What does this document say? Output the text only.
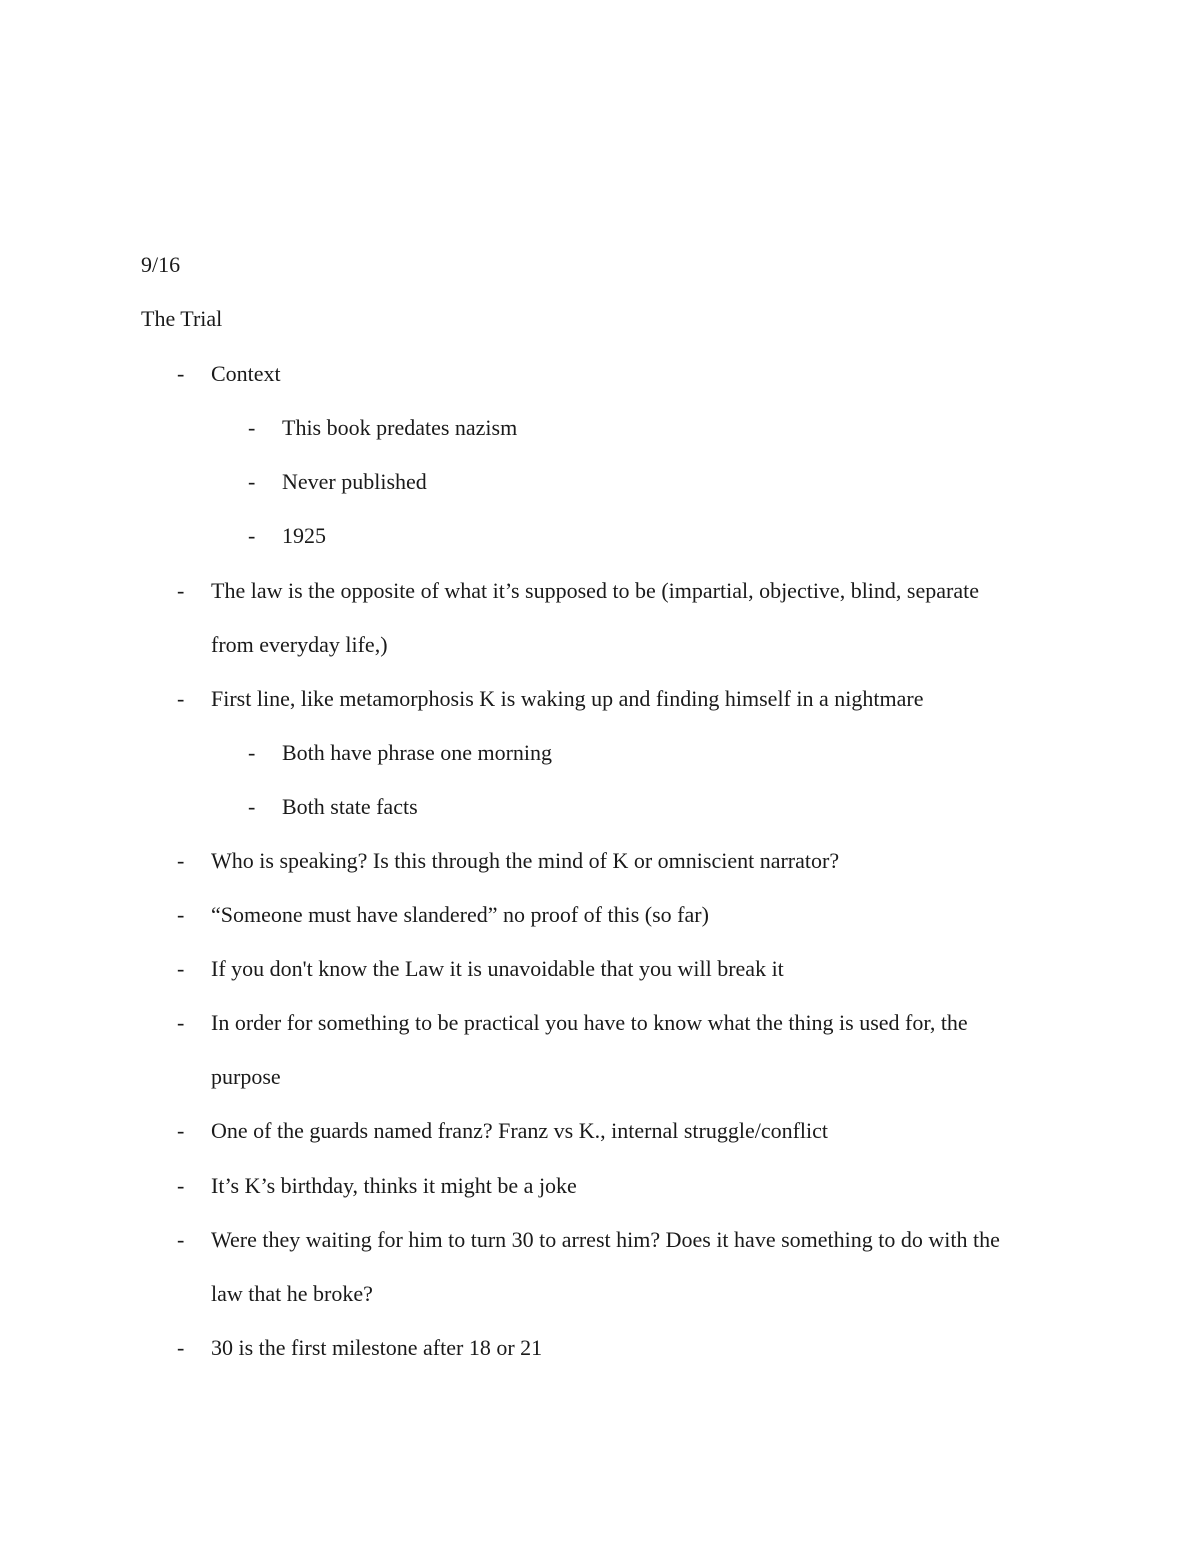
9/16
The Trial
- Context
- This book predates nazism
- Never published
- 1925
- The law is the opposite of what it’s supposed to be (impartial, objective, blind, separate
from everyday life,)
- First line, like metamorphosis K is waking up and finding himself in a nightmare
- Both have phrase one morning
- Both state facts
- Who is speaking? Is this through the mind of K or omniscient narrator?
- “Someone must have slandered” no proof of this (so far)
- If you don't know the Law it is unavoidable that you will break it
- In order for something to be practical you have to know what the thing is used for, the
purpose
- One of the guards named franz? Franz vs K., internal struggle/conflict
- It’s K’s birthday, thinks it might be a joke
- Were they waiting for him to turn 30 to arrest him? Does it have something to do with the
law that he broke?
- 30 is the first milestone after 18 or 21
